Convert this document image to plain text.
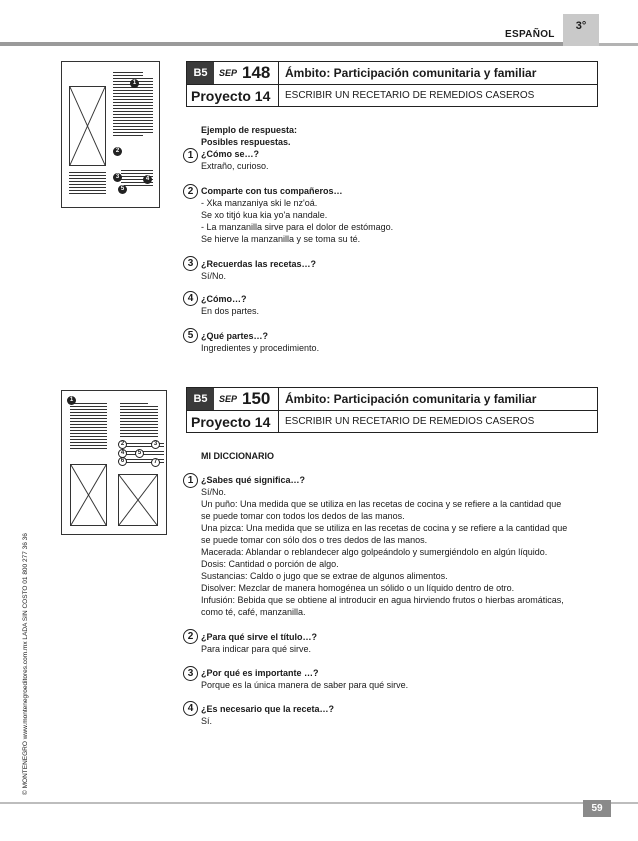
ESPAÑOL
3°
© MONTENEGRO www.montenegroeditores.com.mx LADA SIN COSTO 01 800 277 36 36
1
2
3	4
5
B5	SEP 148 Ámbito: Participación comunitaria y familiar
Proyecto 14	ESCRIBIR UN RECETARIO DE REMEDIOS CASEROS
Ejemplo de respuesta:
Posibles respuestas.
1 ¿Cómo se…?
Extraño, curioso.
2 Comparte con tus compañeros…
- Xka manzaniya ski le nz'oá.
Se xo titjó kua kia yo'a nandale.
- La manzanilla sirve para el dolor de estómago.
Se hierve la manzanilla y se toma su té.
3 ¿Recuerdas las recetas…?
Sí/No.
4 ¿Cómo…?
En dos partes.
5 ¿Qué partes…?
Ingredientes y procedimiento.
1
2	3
4	5
6	7
B5	SEP 150 Ámbito: Participación comunitaria y familiar
Proyecto 14	ESCRIBIR UN RECETARIO DE REMEDIOS CASEROS
MI DICCIONARIO
1 ¿Sabes qué significa…?
Sí/No.
Un puño: Una medida que se utiliza en las recetas de cocina y se refiere a la cantidad que
se puede tomar con todos los dedos de las manos.
Una pizca: Una medida que se utiliza en las recetas de cocina y se refiere a la cantidad que
se puede tomar con sólo dos o tres dedos de las manos.
Macerada: Ablandar o reblandecer algo golpeándolo y sumergiéndolo en algún líquido.
Dosis: Cantidad o porción de algo.
Sustancias: Caldo o jugo que se extrae de algunos alimentos.
Disolver: Mezclar de manera homogénea un sólido o un líquido dentro de otro.
Infusión: Bebida que se obtiene al introducir en agua hirviendo frutos o hierbas aromáticas,
como té, café, manzanilla.
2 ¿Para qué sirve el título…?
Para indicar para qué sirve.
3 ¿Por qué es importante …?
Porque es la única manera de saber para qué sirve.
4 ¿Es necesario que la receta…?
Sí.
59
